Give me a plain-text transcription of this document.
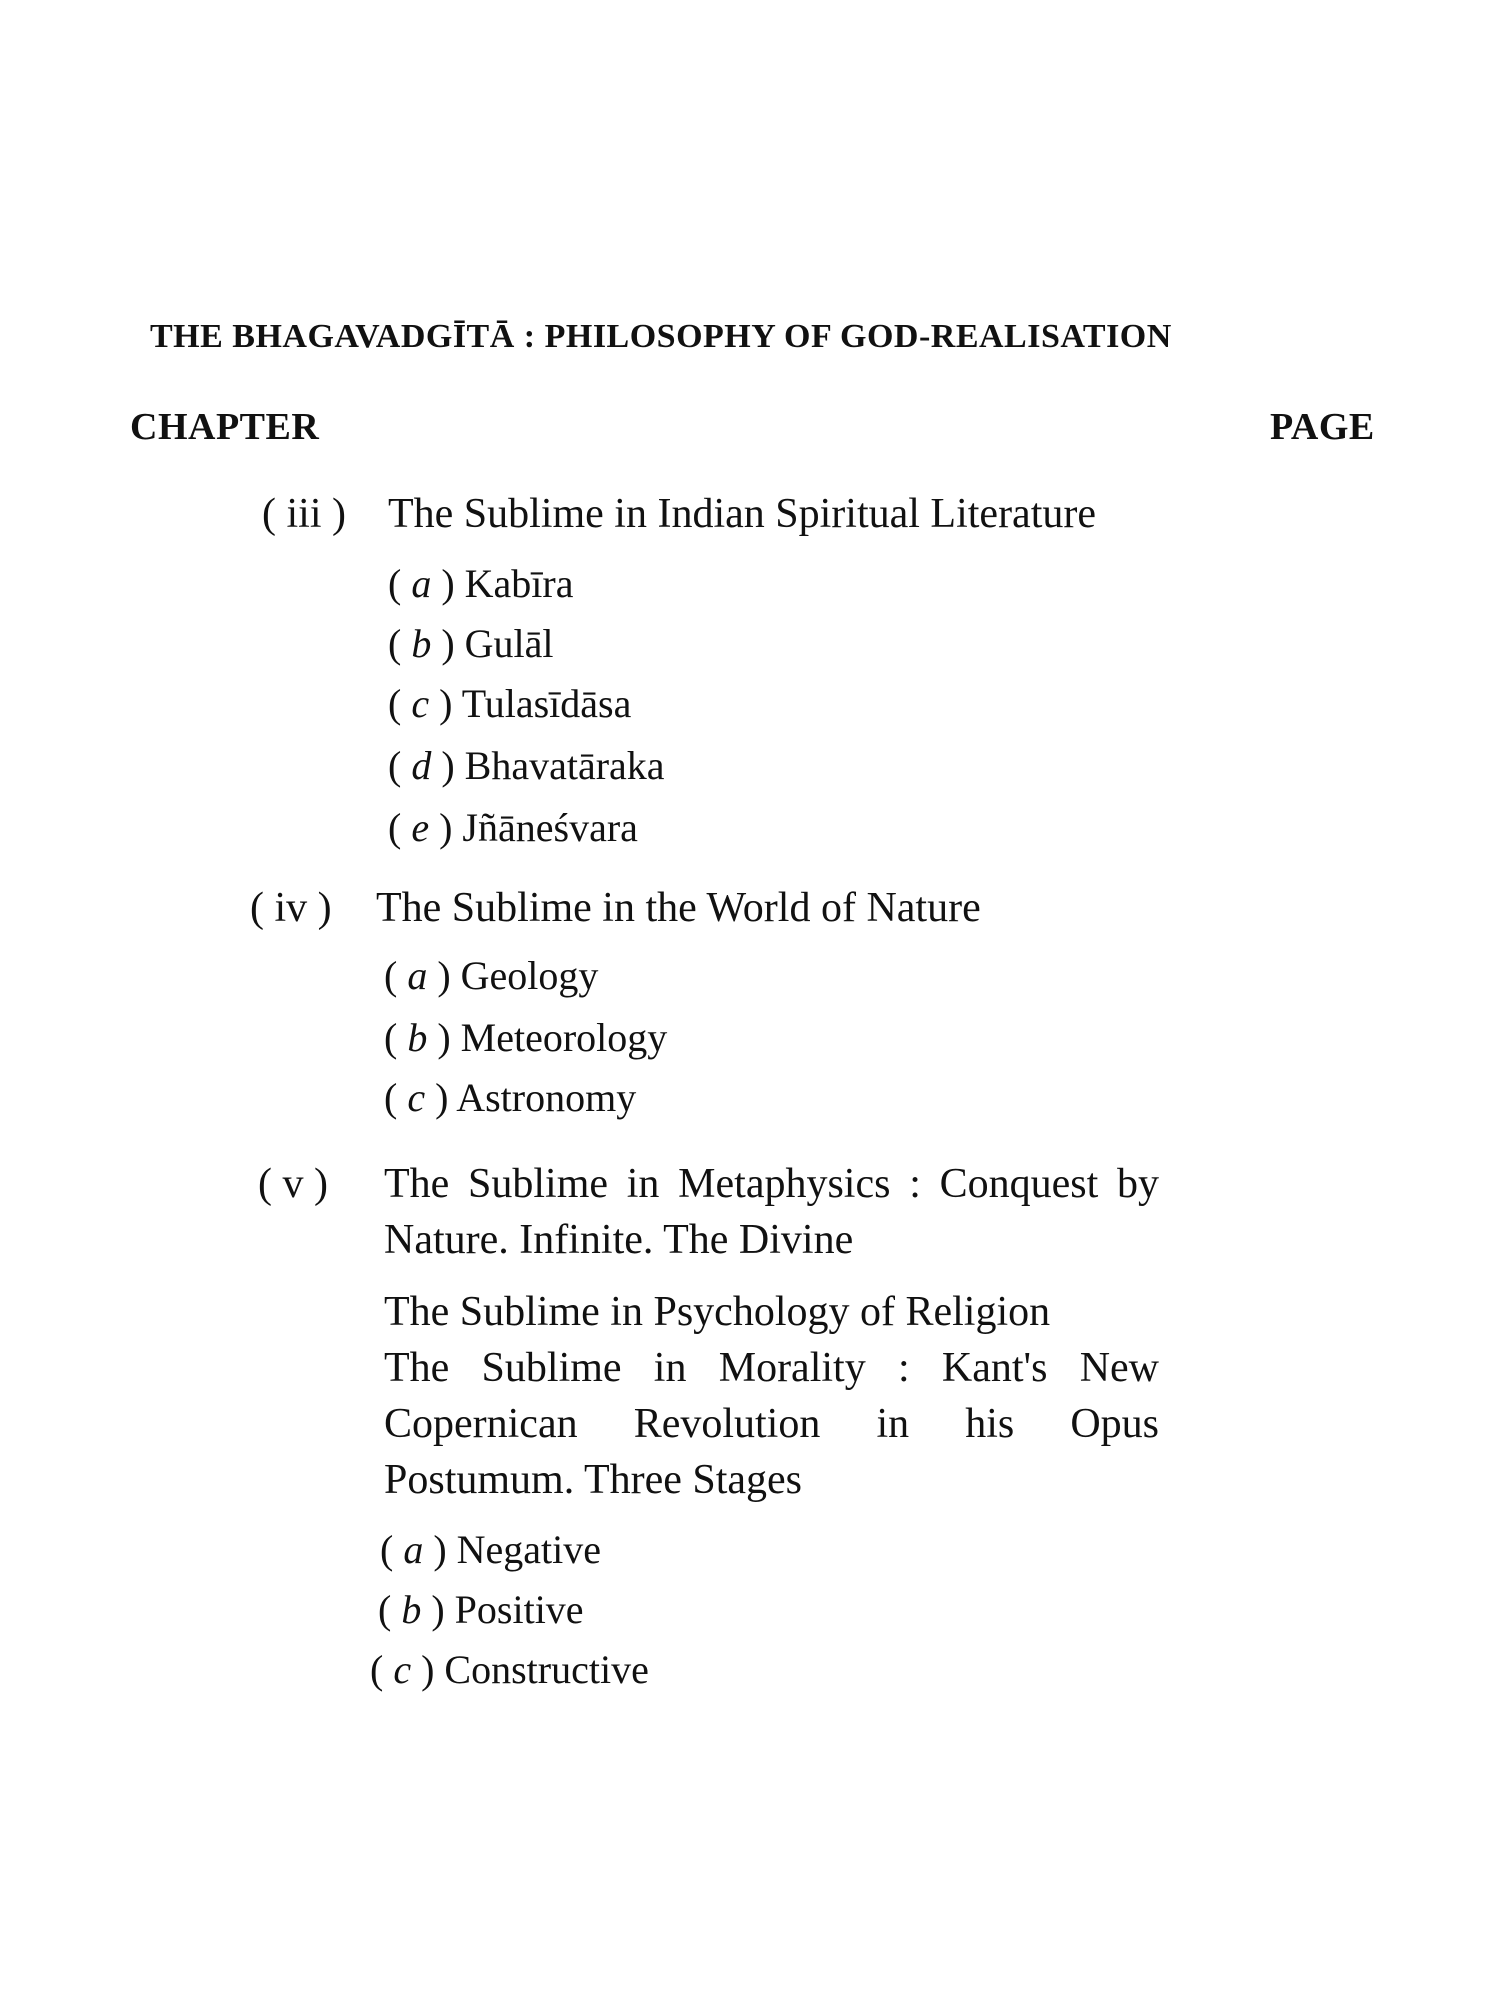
THE BHAGAVADGĪTĀ : PHILOSOPHY OF GOD-REALISATION
CHAPTER	PAGE
( iii ) The Sublime in Indian Spiritual Literature
( a ) Kabīra
( b ) Gulāl
( c ) Tulasīdāsa
( d ) Bhavatāraka
( e ) Jñāneśvara
( iv ) The Sublime in the World of Nature
( a ) Geology
( b ) Meteorology
( c ) Astronomy
( v ) The Sublime in Metaphysics : Conquest by Nature. Infinite. The Divine
The Sublime in Psychology of Religion
The Sublime in Morality : Kant's New Copernican Revolution in his Opus Postumum. Three Stages
( a ) Negative
( b ) Positive
( c ) Constructive
